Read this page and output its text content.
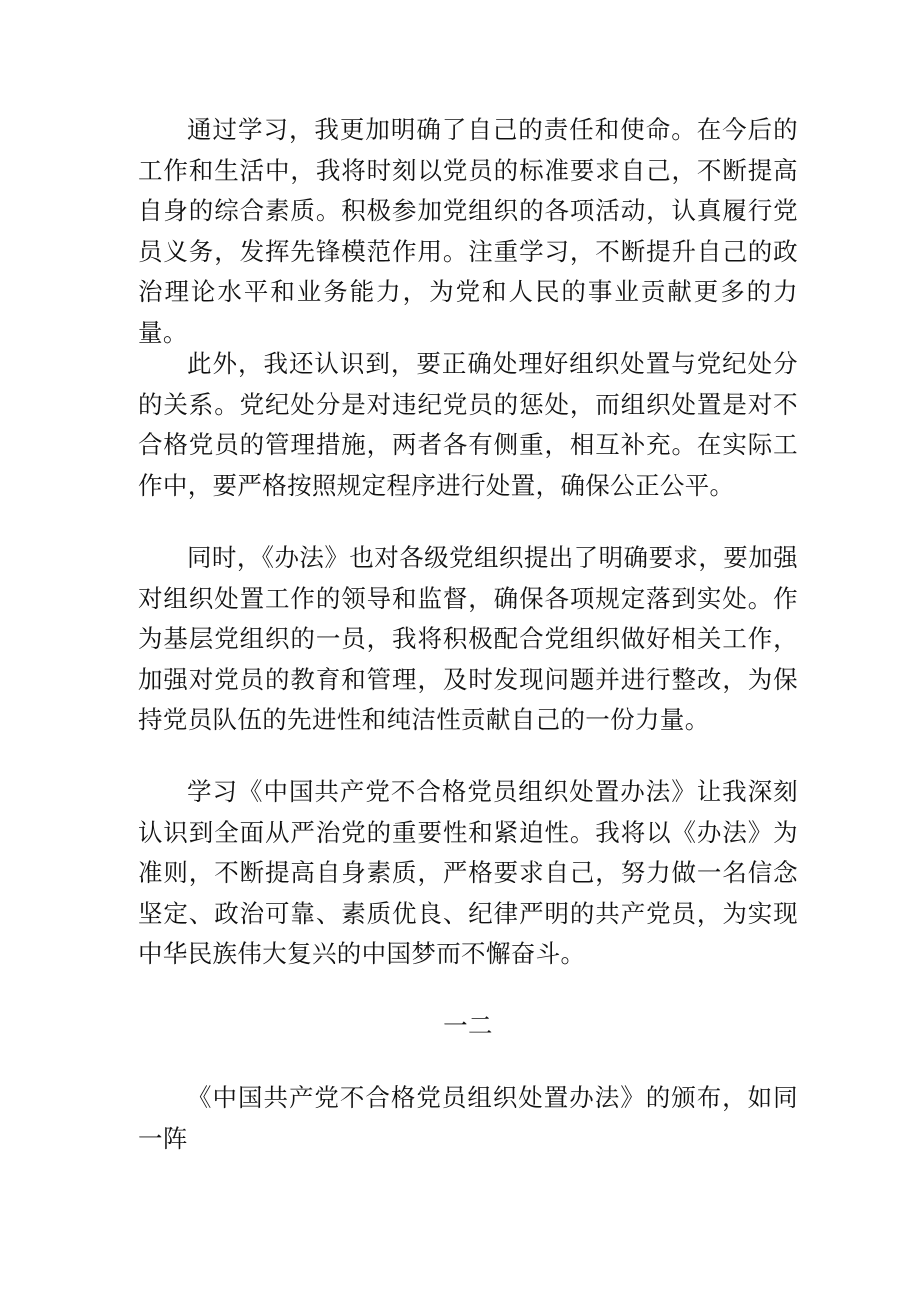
通过学习，我更加明确了自己的责任和使命。在今后的工作和生活中，我将时刻以党员的标准要求自己，不断提高自身的综合素质。积极参加党组织的各项活动，认真履行党员义务，发挥先锋模范作用。注重学习，不断提升自己的政治理论水平和业务能力，为党和人民的事业贡献更多的力量。

此外，我还认识到，要正确处理好组织处置与党纪处分的关系。党纪处分是对违纪党员的惩处，而组织处置是对不合格党员的管理措施，两者各有侧重，相互补充。在实际工作中，要严格按照规定程序进行处置，确保公正公平。

同时，《办法》也对各级党组织提出了明确要求，要加强对组织处置工作的领导和监督，确保各项规定落到实处。作为基层党组织的一员，我将积极配合党组织做好相关工作，加强对党员的教育和管理，及时发现问题并进行整改，为保持党员队伍的先进性和纯洁性贡献自己的一份力量。

学习《中国共产党不合格党员组织处置办法》让我深刻认识到全面从严治党的重要性和紧迫性。我将以《办法》为准则，不断提高自身素质，严格要求自己，努力做一名信念坚定、政治可靠、素质优良、纪律严明的共产党员，为实现中华民族伟大复兴的中国梦而不懈奋斗。

一二

《中国共产党不合格党员组织处置办法》的颁布，如同一阵
